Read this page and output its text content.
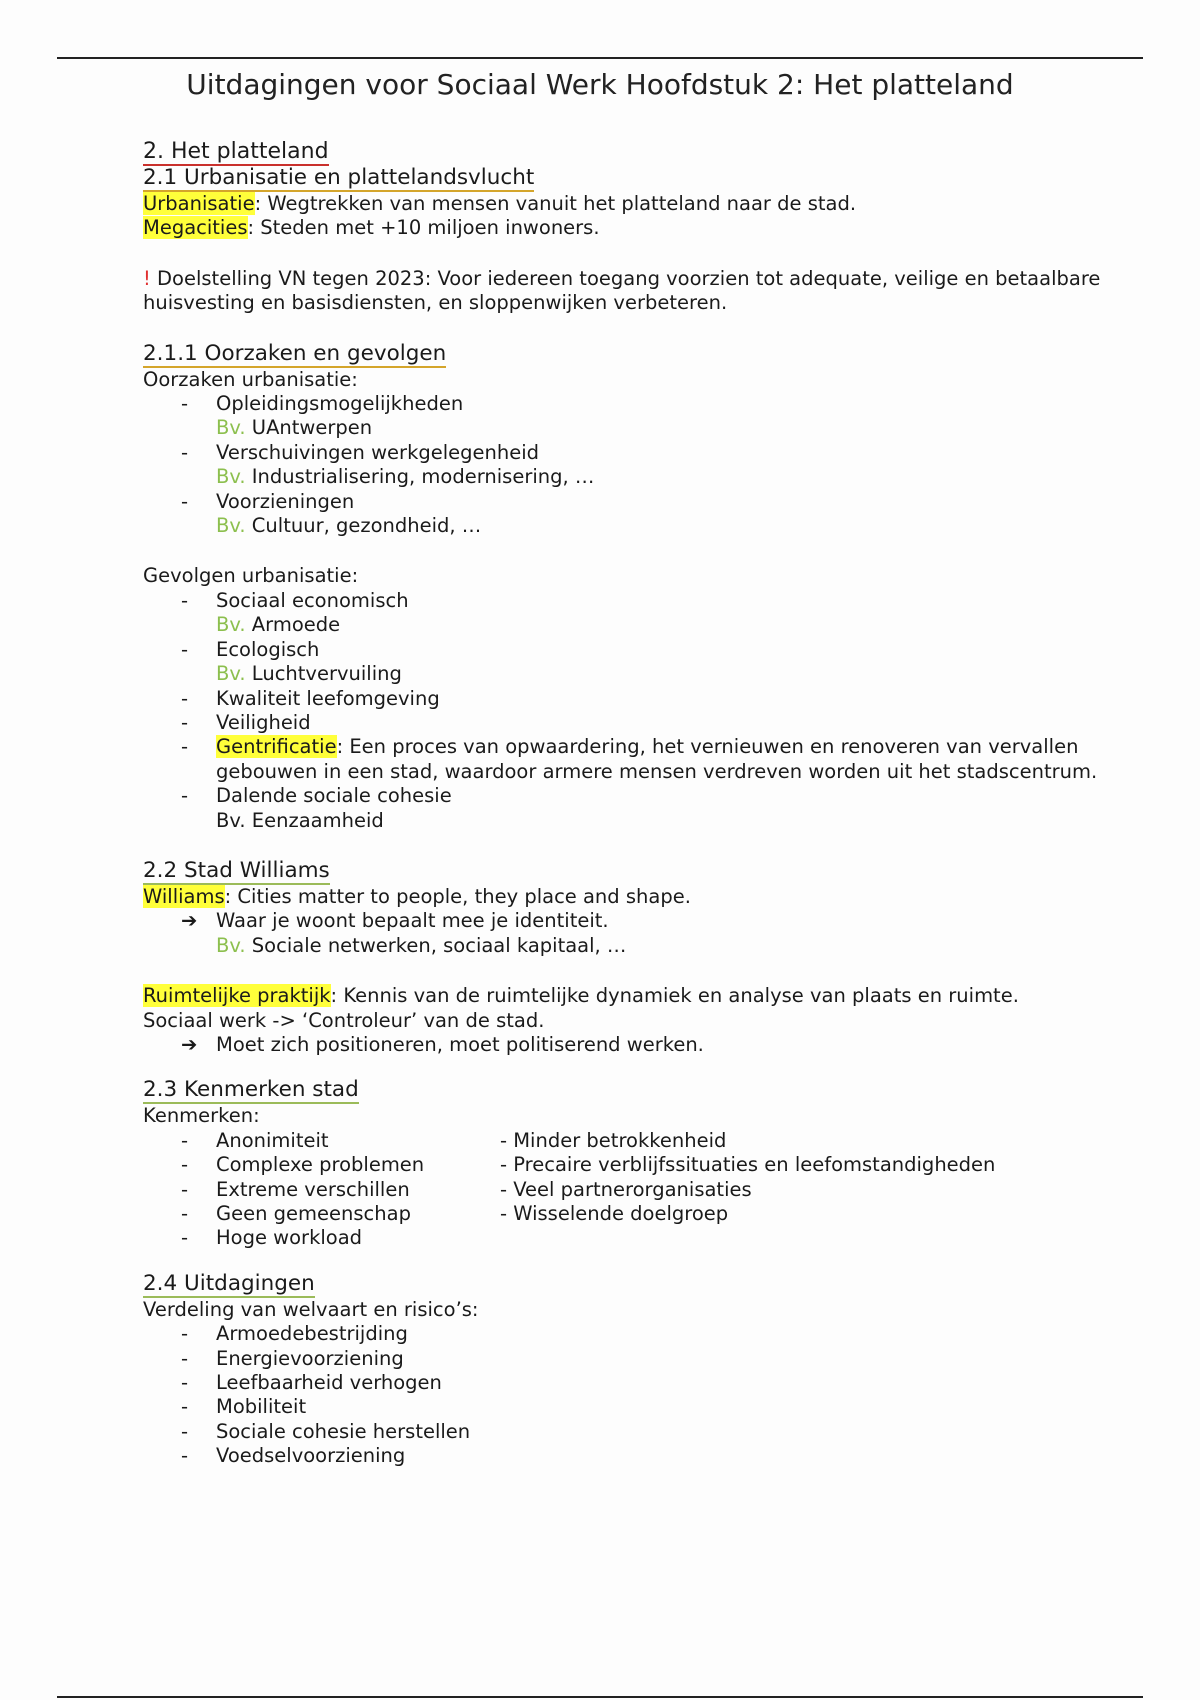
Uitdagingen voor Sociaal Werk Hoofdstuk 2: Het platteland
2. Het platteland
2.1 Urbanisatie en plattelandsvlucht

Urbanisatie: Wegtrekken van mensen vanuit het platteland naar de stad.

Megacities: Steden met +10 miljoen inwoners.

! Doelstelling VN tegen 2023: Voor iedereen toegang voorzien tot adequate, veilige en betaalbare huisvesting en basisdiensten, en sloppenwijken verbeteren.

2.1.1 Oorzaken en gevolgen

Oorzaken urbanisatie:

- Opleidingsmogelijkheden
Bv. UAntwerpen
- Verschuivingen werkgelegenheid
Bv. Industrialisering, modernisering, …
- Voorzieningen
Bv. Cultuur, gezondheid, …

Gevolgen urbanisatie:

- Sociaal economisch
Bv. Armoede
- Ecologisch
Bv. Luchtvervuiling
- Kwaliteit leefomgeving
- Veiligheid
- Gentrificatie: Een proces van opwaardering, het vernieuwen en renoveren van vervallen gebouwen in een stad, waardoor armere mensen verdreven worden uit het stadscentrum.
- Dalende sociale cohesie
Bv. Eenzaamheid
2.2 Stad Williams

Williams: Cities matter to people, they place and shape.

➔ Waar je woont bepaalt mee je identiteit.
Bv. Sociale netwerken, sociaal kapitaal, …

Ruimtelijke praktijk: Kennis van de ruimtelijke dynamiek en analyse van plaats en ruimte.

Sociaal werk -> ‘Controleur’ van de stad.

➔ Moet zich positioneren, moet politiserend werken.
2.3 Kenmerken stad

Kenmerken:

- Anonimiteit
- Complexe problemen
- Extreme verschillen
- Geen gemeenschap
- Hoge workload
- Minder betrokkenheid
- Precaire verblijfssituaties en leefomstandigheden
- Veel partnerorganisaties
- Wisselende doelgroep
2.4 Uitdagingen

Verdeling van welvaart en risico’s:

- Armoedebestrijding
- Energievoorziening
- Leefbaarheid verhogen
- Mobiliteit
- Sociale cohesie herstellen
- Voedselvoorziening
